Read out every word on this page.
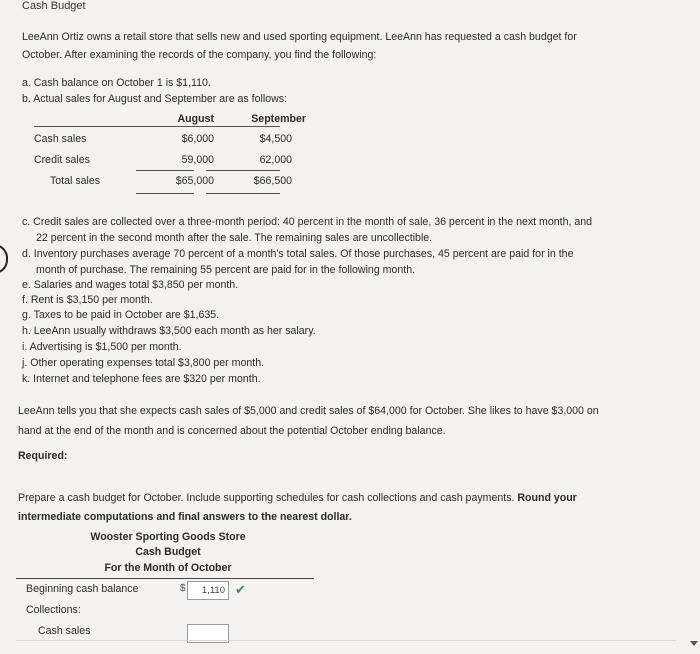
Cash Budget
LeeAnn Ortiz owns a retail store that sells new and used sporting equipment. LeeAnn has requested a cash budget for
October. After examining the records of the company, you find the following:
a. Cash balance on October 1 is $1,110.
b. Actual sales for August and September are as follows:
	August	September
Cash sales	$6,000	$4,500
Credit sales	59,000	62,000
Total sales	$65,000	$66,500
c. Credit sales are collected over a three-month period: 40 percent in the month of sale, 36 percent in the next month, and
22 percent in the second month after the sale. The remaining sales are uncollectible.
d. Inventory purchases average 70 percent of a month's total sales. Of those purchases, 45 percent are paid for in the
month of purchase. The remaining 55 percent are paid for in the following month.
e. Salaries and wages total $3,850 per month.
f. Rent is $3,150 per month.
g. Taxes to be paid in October are $1,635.
h. LeeAnn usually withdraws $3,500 each month as her salary.
i. Advertising is $1,500 per month.
j. Other operating expenses total $3,800 per month.
k. Internet and telephone fees are $320 per month.
LeeAnn tells you that she expects cash sales of $5,000 and credit sales of $64,000 for October. She likes to have $3,000 on
hand at the end of the month and is concerned about the potential October ending balance.
Required:
Prepare a cash budget for October. Include supporting schedules for cash collections and cash payments. Round your
intermediate computations and final answers to the nearest dollar.
Wooster Sporting Goods Store
Cash Budget
For the Month of October
Beginning cash balance	$	1,110 ✔
Collections:
Cash sales
